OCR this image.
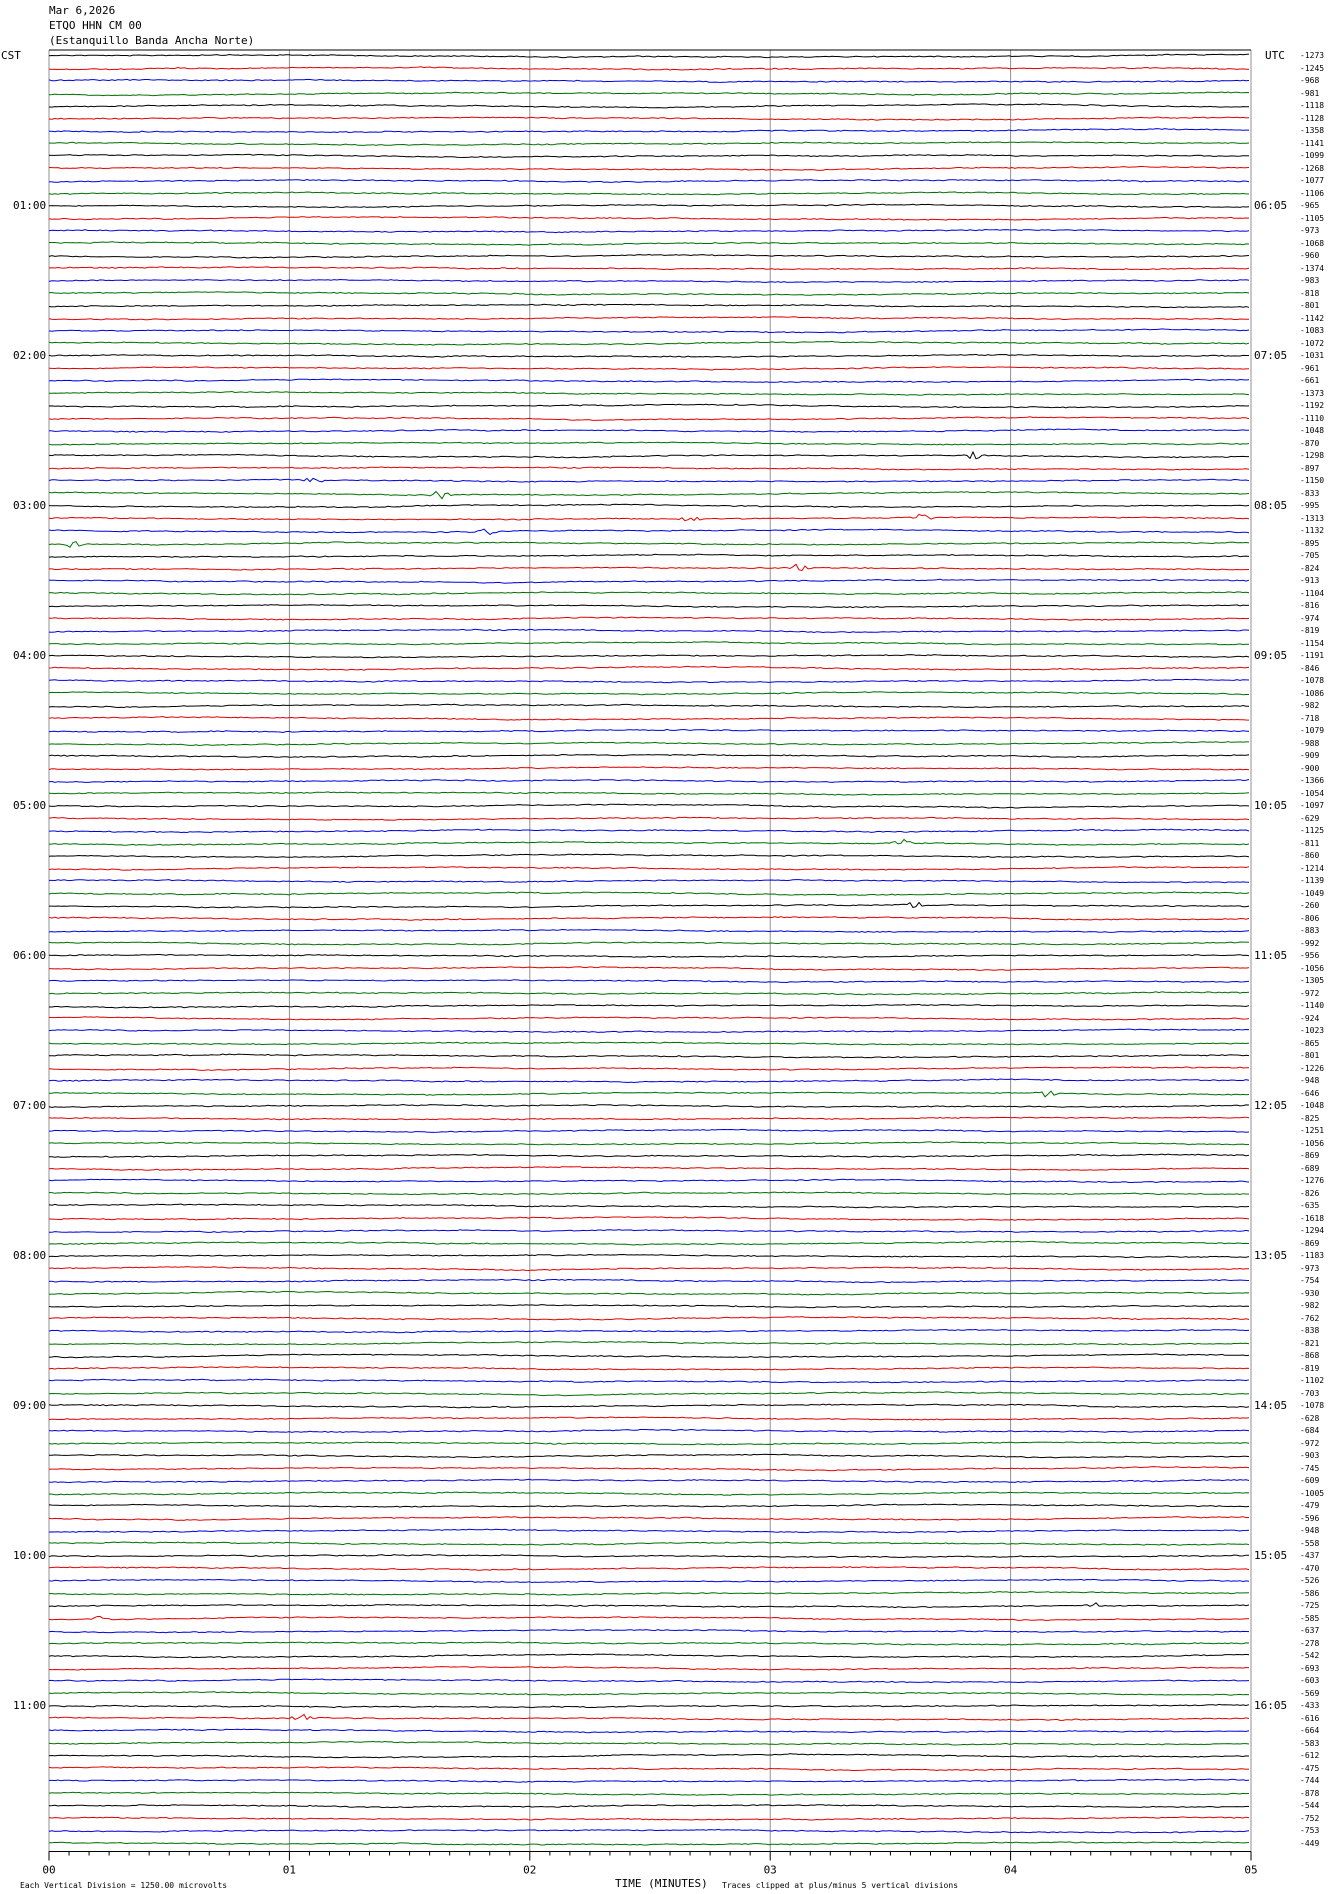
Mar 6,2026
ETQO HHN CM 00
(Estanquillo Banda Ancha Norte)
CST	UTC
00	01	02	03	04	05
01:00
02:00
03:00
04:00
05:00
06:00
07:00
08:00
09:00
10:00
11:00
06:05
07:05
08:05
09:05
10:05
11:05
12:05
13:05
14:05
15:05
16:05
-1273
-1245
-968
-981
-1118
-1128
-1358
-1141
-1099
-1268
-1077
-1106
-965
-1105
-973
-1068
-960
-1374
-983
-818
-801
-1142
-1083
-1072
-1031
-961
-661
-1373
-1192
-1110
-1048
-870
-1298
-897
-1150
-833
-995
-1313
-1132
-895
-705
-824
-913
-1104
-816
-974
-819
-1154
-1191
-846
-1078
-1086
-982
-718
-1079
-988
-909
-900
-1366
-1054
-1097
-629
-1125
-811
-860
-1214
-1139
-1049
-260
-806
-883
-992
-956
-1056
-1305
-972
-1140
-924
-1023
-865
-801
-1226
-948
-646
-1048
-825
-1251
-1056
-869
-689
-1276
-826
-635
-1618
-1294
-869
-1183
-973
-754
-930
-982
-762
-838
-821
-868
-819
-1102
-703
-1078
-628
-684
-972
-903
-745
-609
-1005
-479
-596
-948
-558
-437
-470
-526
-586
-725
-585
-637
-278
-542
-693
-603
-569
-433
-616
-664
-583
-612
-475
-744
-878
-544
-752
-753
-449
Each Vertical Division = 1250.00 microvolts	TIME (MINUTES) Traces clipped at plus/minus 5 vertical divisions
